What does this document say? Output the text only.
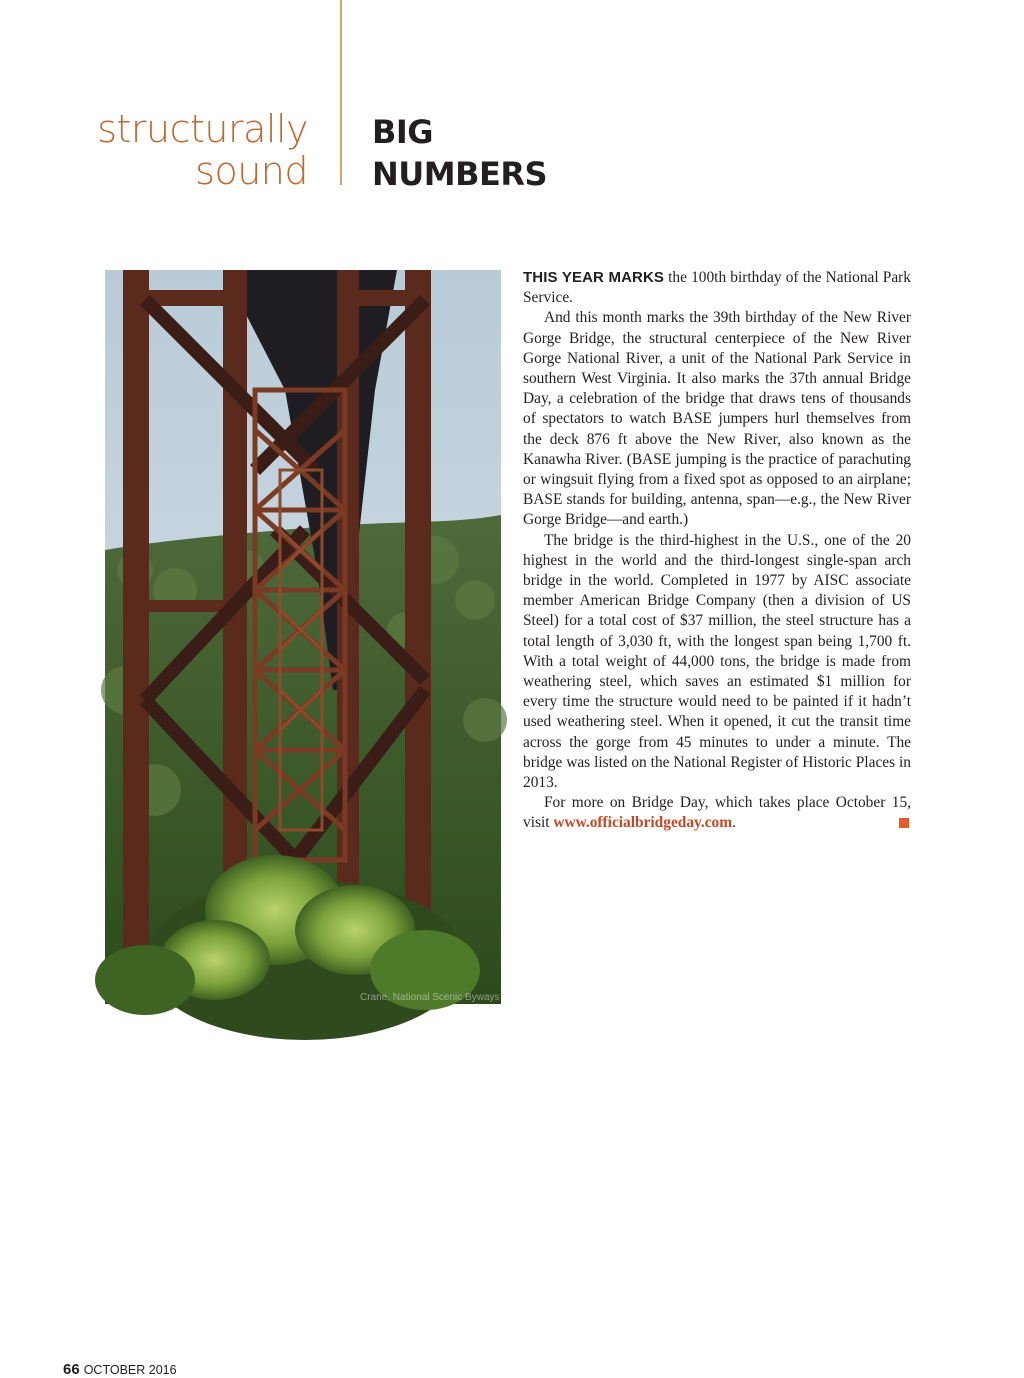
structurally
sound
BIG
NUMBERS
Crane, National Scenic Byways Online

THIS YEAR MARKS the 100th birthday of the National Park Service.

And this month marks the 39th birthday of the New River Gorge Bridge, the structural centerpiece of the New River Gorge National River, a unit of the National Park Service in southern West Virginia. It also marks the 37th annual Bridge Day, a celebration of the bridge that draws tens of thousands of spectators to watch BASE jumpers hurl themselves from the deck 876 ft above the New River, also known as the Kanawha River. (BASE jumping is the practice of parachuting or wingsuit flying from a fixed spot as opposed to an airplane; BASE stands for building, antenna, span—e.g., the New River Gorge Bridge—and earth.)

The bridge is the third-highest in the U.S., one of the 20 highest in the world and the third-longest single-span arch bridge in the world. Completed in 1977 by AISC associate member American Bridge Company (then a division of US Steel) for a total cost of $37 million, the steel structure has a total length of 3,030 ft, with the longest span being 1,700 ft. With a total weight of 44,000 tons, the bridge is made from weathering steel, which saves an estimated $1 million for every time the structure would need to be painted if it hadn’t used weathering steel. When it opened, it cut the transit time across the gorge from 45 minutes to under a minute. The bridge was listed on the National Register of Historic Places in 2013.

For more on Bridge Day, which takes place October 15, visit www.officialbridgeday.com.

66 OCTOBER 2016
